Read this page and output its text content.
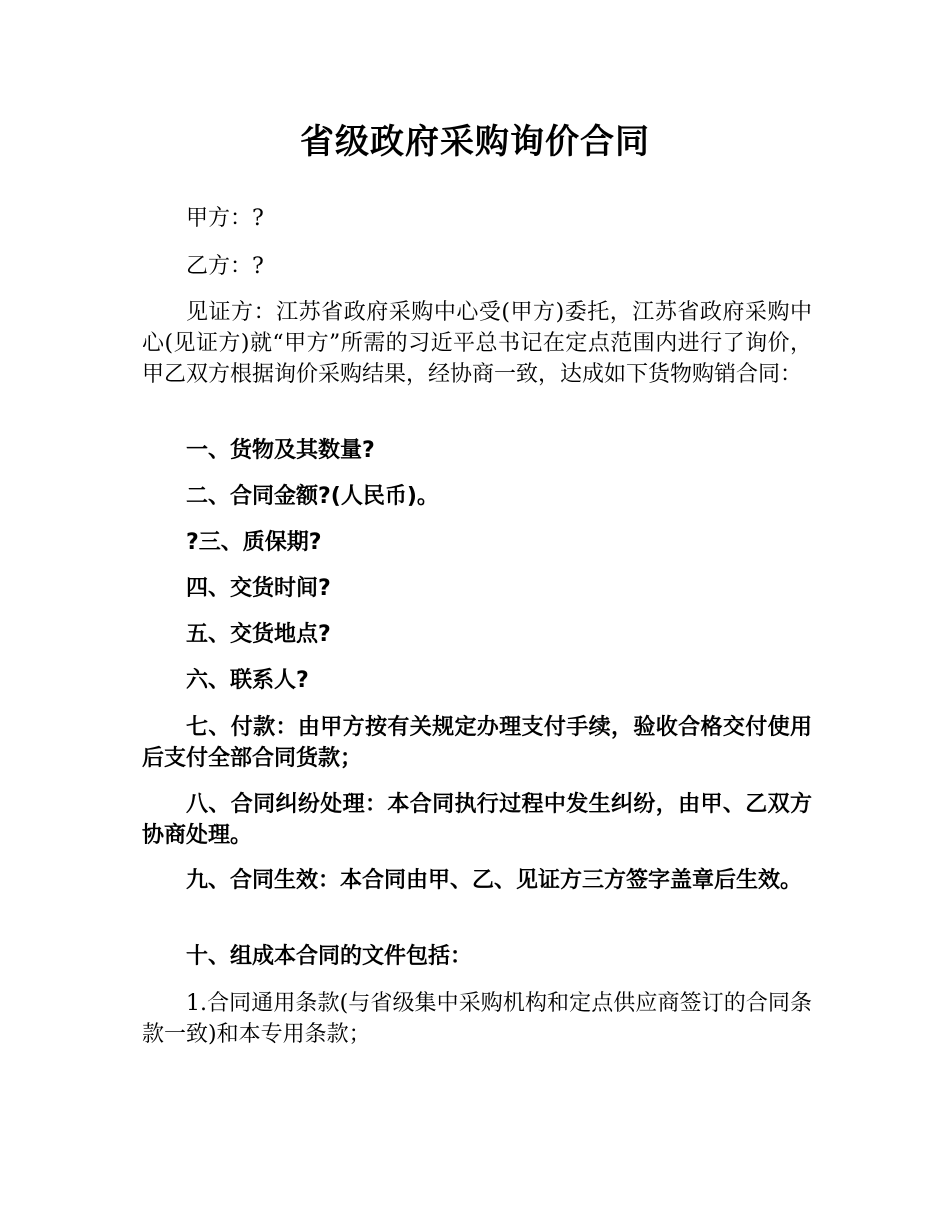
省级政府采购询价合同

甲方：?

乙方：?

见证方：江苏省政府采购中心受(甲方)委托，江苏省政府采购中心(见证方)就“甲方”所需的习近平总书记在定点范围内进行了询价，甲乙双方根据询价采购结果，经协商一致，达成如下货物购销合同：

一、货物及其数量?

二、合同金额?(人民币)。

?三、质保期?

四、交货时间?

五、交货地点?

六、联系人?

七、付款：由甲方按有关规定办理支付手续，验收合格交付使用后支付全部合同货款；

八、合同纠纷处理：本合同执行过程中发生纠纷，由甲、乙双方协商处理。

九、合同生效：本合同由甲、乙、见证方三方签字盖章后生效。

十、组成本合同的文件包括：

1.合同通用条款(与省级集中采购机构和定点供应商签订的合同条款一致)和本专用条款；
